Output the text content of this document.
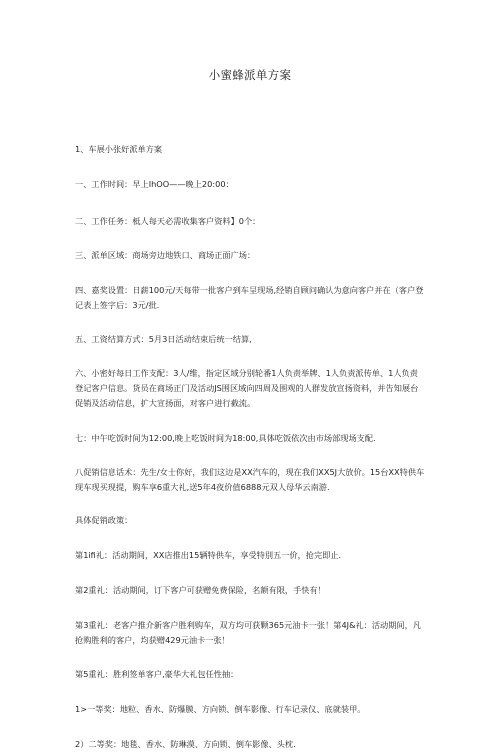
小蜜蜂派单方案

1、车展小张好派单方案

一、工作时间：早上IhOO——晚上20:00：

二、工作任务：柢人每天必需收集客户资料】0个：

三、派单区域：商场旁边地铁口、商场正面广场：

四、嘉奖设置：日薪100元/天每带一批客户到车呈现场,经销自顾问确认为意向客户并在（客户登记表上签字后：3元/批.

五、工资结算方式：5月3日活动结束后统一结算,

六、小密好每日工作支配：3人/维，指定区域分别轮番1人负责举牌、1人负责派传单、1人负责登记客户信息。货员在商场正门及活动JS围区域向四周及围观的人群发放宣扬资料，并告知展台促销及活动信息，扩大宣扬面，对客户进行截流。

七：中午吃饭时间为12:00,晚上吃饭时间为18:00,具体吃饭依次由市场部现场支配.

八促销信息话术：先生/女士你好，我们这边是XX汽车的，现在我们XX5J大放价。15台XX特供车现车现买现提，购车享6重大礼,送5年4夜价值6888元双人母华云南游.

具体促销政策：

第1ifi礼：活动期间，XX店推出15辆特供车，享受特別五一价，抢完即止.

第2重礼：活动期间，订下客户可获赠免费保险，名额有限，手快有！

第3重礼：老客户推介新客户胜利购车，双方均可获颗365元油卡一张！第4J&礼：活动期间，凡抢购胜利的客户，均获赠429元油卡一张！

第5重礼：胜利签单客户,豪华大礼包任性抽：

1>一等奖：地粒、香水、防爆膜、方向锁、倒车影像、行车记录仪、底就装甲。

2）二等奖：地毯、香水、防琳漠、方向锁、倒车影像、头枕.
